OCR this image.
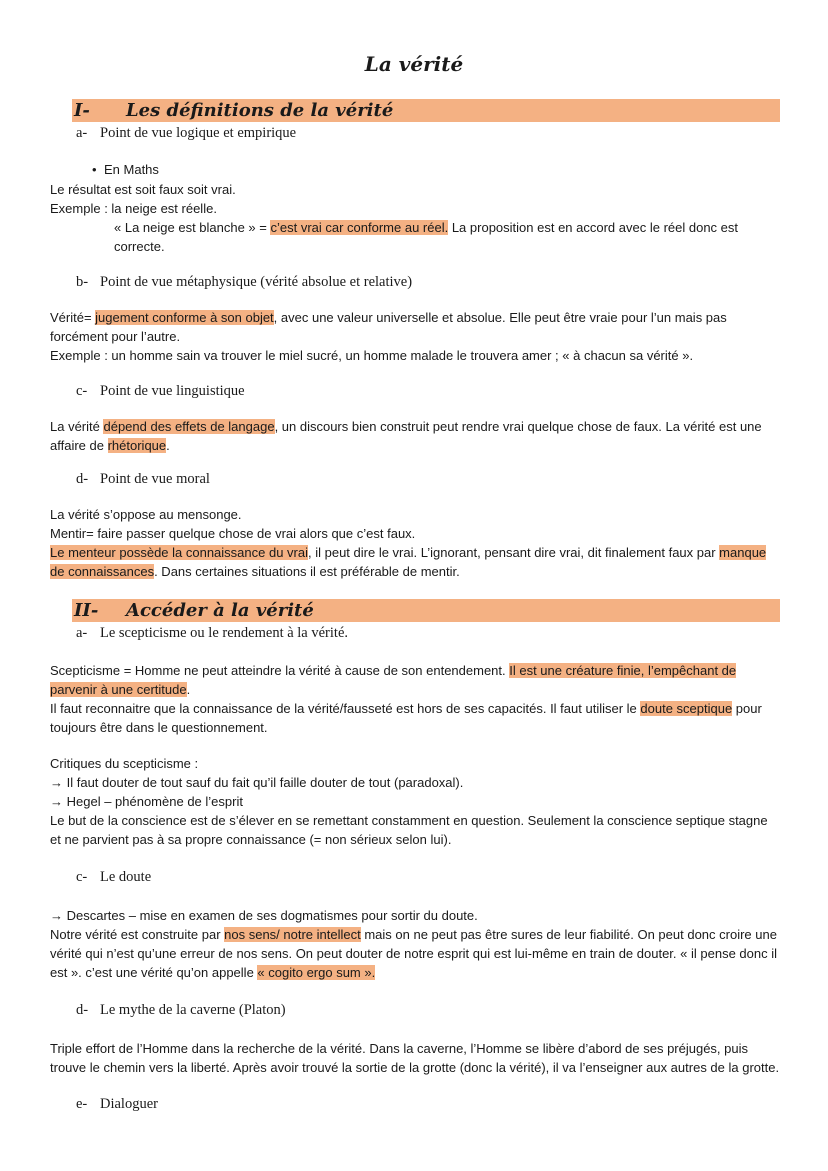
La vérité
I- Les définitions de la vérité
a- Point de vue logique et empirique
• En Maths

Le résultat est soit faux soit vrai.

Exemple : la neige est réelle.

« La neige est blanche » = c’est vrai car conforme au réel. La proposition est en accord avec le réel donc est correcte.

b- Point de vue métaphysique (vérité absolue et relative)

Vérité= jugement conforme à son objet, avec une valeur universelle et absolue. Elle peut être vraie pour l’un mais pas forcément pour l’autre.

Exemple : un homme sain va trouver le miel sucré, un homme malade le trouvera amer ; « à chacun sa vérité ».

c- Point de vue linguistique

La vérité dépend des effets de langage, un discours bien construit peut rendre vrai quelque chose de faux. La vérité est une affaire de rhétorique.

d- Point de vue moral

La vérité s’oppose au mensonge.

Mentir= faire passer quelque chose de vrai alors que c’est faux.

Le menteur possède la connaissance du vrai, il peut dire le vrai. L’ignorant, pensant dire vrai, dit finalement faux par manque de connaissances. Dans certaines situations il est préférable de mentir.

II- Accéder à la vérité
a- Le scepticisme ou le rendement à la vérité.

Scepticisme = Homme ne peut atteindre la vérité à cause de son entendement. Il est une créature finie, l’empêchant de parvenir à une certitude.

Il faut reconnaitre que la connaissance de la vérité/fausseté est hors de ses capacités. Il faut utiliser le doute sceptique pour toujours être dans le questionnement.

Critiques du scepticisme :

→ Il faut douter de tout sauf du fait qu’il faille douter de tout (paradoxal).

→ Hegel – phénomène de l’esprit

Le but de la conscience est de s’élever en se remettant constamment en question. Seulement la conscience septique stagne et ne parvient pas à sa propre connaissance (= non sérieux selon lui).

c- Le doute

→ Descartes – mise en examen de ses dogmatismes pour sortir du doute.

Notre vérité est construite par nos sens/ notre intellect mais on ne peut pas être sures de leur fiabilité. On peut donc croire une vérité qui n’est qu’une erreur de nos sens. On peut douter de notre esprit qui est lui-même en train de douter. « il pense donc il est ». c’est une vérité qu’on appelle « cogito ergo sum ».

d- Le mythe de la caverne (Platon)

Triple effort de l’Homme dans la recherche de la vérité. Dans la caverne, l’Homme se libère d’abord de ses préjugés, puis trouve le chemin vers la liberté. Après avoir trouvé la sortie de la grotte (donc la vérité), il va l’enseigner aux autres de la grotte.

e- Dialoguer
